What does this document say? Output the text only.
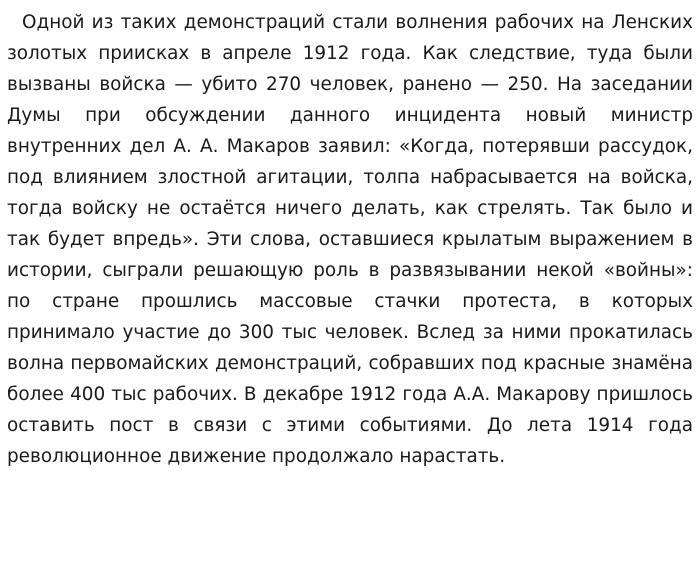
Одной из таких демонстраций стали волнения рабочих на Ленских золотых приисках в апреле 1912 года. Как следствие, туда были вызваны войска — убито 270 человек, ранено — 250. На заседании Думы при обсуждении данного инцидента новый министр внутренних дел А. А. Макаров заявил: «Когда, потерявши рассудок, под влиянием злостной агитации, толпа набрасывается на войска, тогда войску не остаётся ничего делать, как стрелять. Так было и так будет впредь». Эти слова, оставшиеся крылатым выражением в истории, сыграли решающую роль в развязывании некой «войны»: по стране прошлись массовые стачки протеста, в которых принимало участие до 300 тыс человек. Вслед за ними прокатилась волна первомайских демонстраций, собравших под красные знамёна более 400 тыс рабочих. В декабре 1912 года А.А. Макарову пришлось оставить пост в связи с этими событиями. До лета 1914 года революционное движение продолжало нарастать.
